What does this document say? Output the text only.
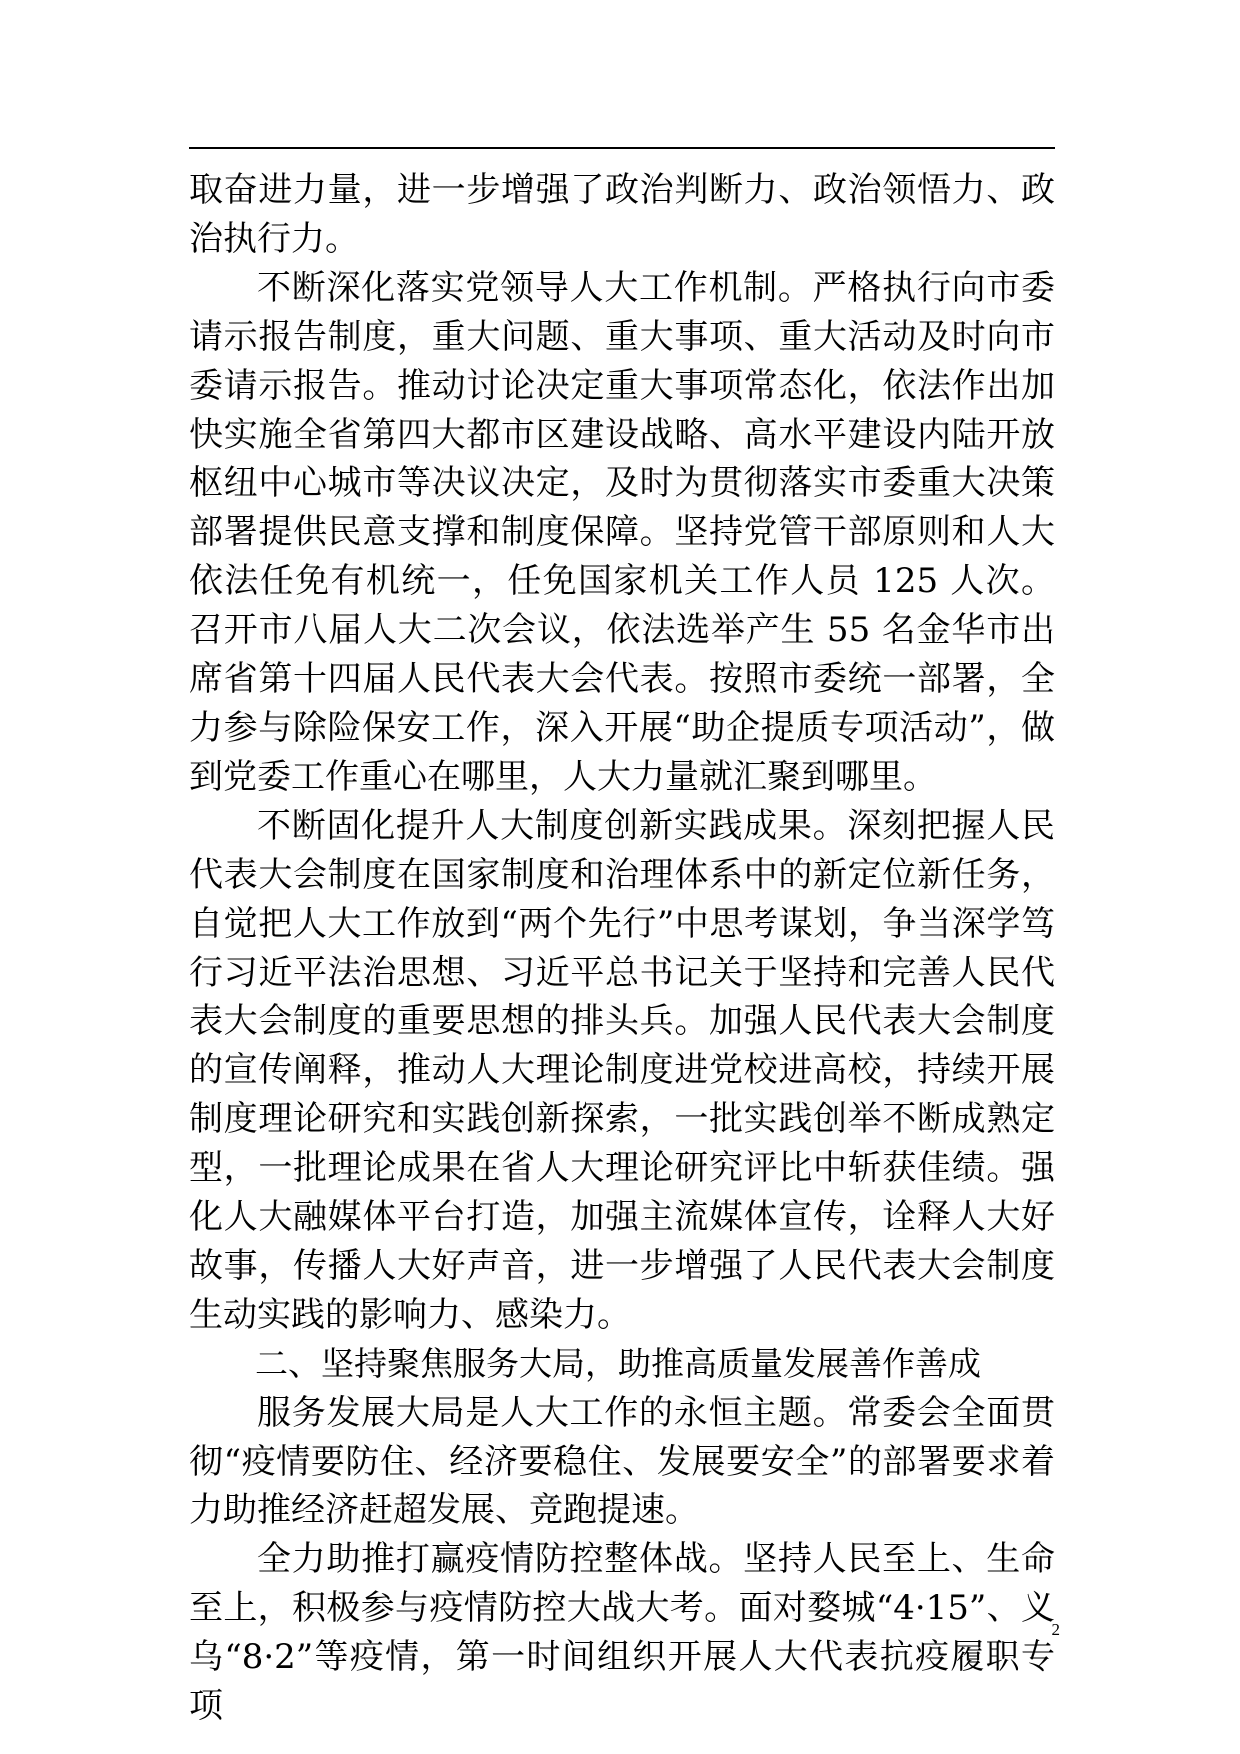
取奋进力量，进一步增强了政治判断力、政治领悟力、政治执行力。

不断深化落实党领导人大工作机制。严格执行向市委请示报告制度，重大问题、重大事项、重大活动及时向市委请示报告。推动讨论决定重大事项常态化，依法作出加快实施全省第四大都市区建设战略、高水平建设内陆开放枢纽中心城市等决议决定，及时为贯彻落实市委重大决策部署提供民意支撑和制度保障。坚持党管干部原则和人大依法任免有机统一，任免国家机关工作人员 125 人次。召开市八届人大二次会议，依法选举产生 55 名金华市出席省第十四届人民代表大会代表。按照市委统一部署，全力参与除险保安工作，深入开展“助企提质专项活动”，做到党委工作重心在哪里，人大力量就汇聚到哪里。

不断固化提升人大制度创新实践成果。深刻把握人民代表大会制度在国家制度和治理体系中的新定位新任务，自觉把人大工作放到“两个先行”中思考谋划，争当深学笃行习近平法治思想、习近平总书记关于坚持和完善人民代表大会制度的重要思想的排头兵。加强人民代表大会制度的宣传阐释，推动人大理论制度进党校进高校，持续开展制度理论研究和实践创新探索，一批实践创举不断成熟定型，一批理论成果在省人大理论研究评比中斩获佳绩。强化人大融媒体平台打造，加强主流媒体宣传，诠释人大好故事，传播人大好声音，进一步增强了人民代表大会制度生动实践的影响力、感染力。

二、坚持聚焦服务大局，助推高质量发展善作善成

服务发展大局是人大工作的永恒主题。常委会全面贯彻“疫情要防住、经济要稳住、发展要安全”的部署要求着力助推经济赶超发展、竞跑提速。

全力助推打赢疫情防控整体战。坚持人民至上、生命至上，积极参与疫情防控大战大考。面对婺城“4·15”、义乌“8·2”等疫情，第一时间组织开展人大代表抗疫履职专项

2
